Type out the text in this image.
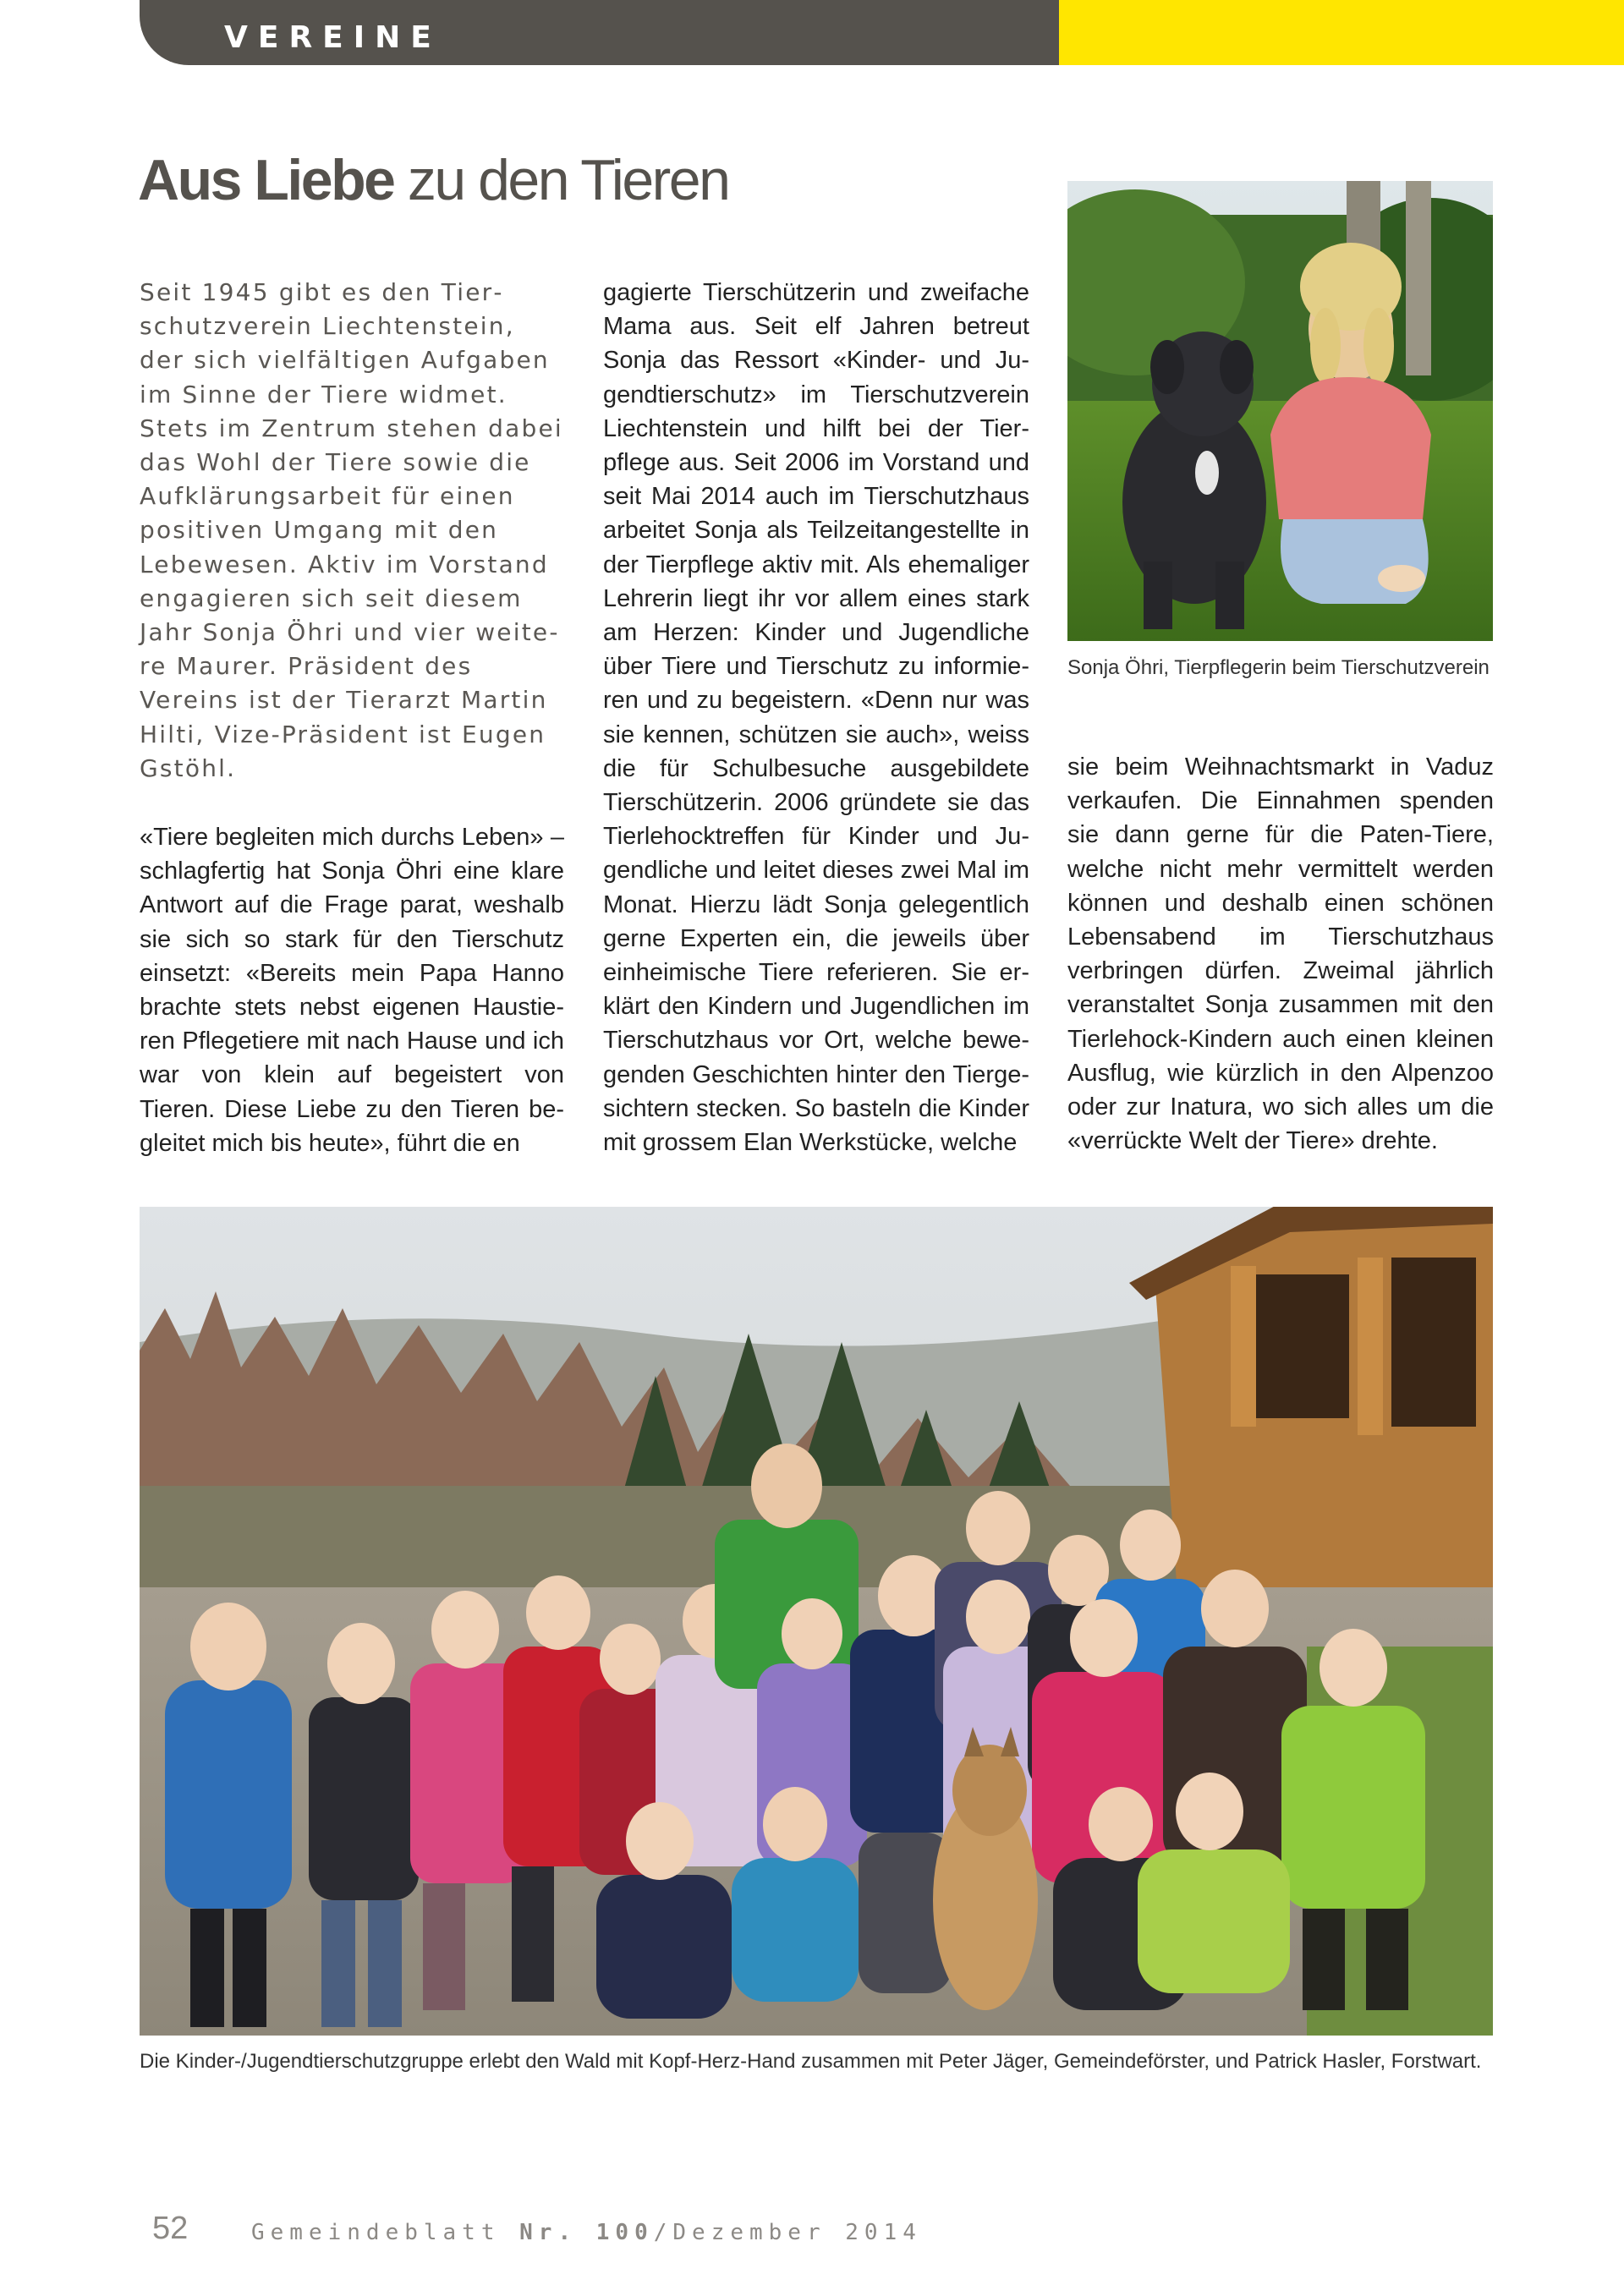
VEREINE
Aus Liebe zu den Tieren

Seit 1945 gibt es den Tierschutzverein Liechtenstein, der sich vielfältigen Aufgaben im Sinne der Tiere widmet. Stets im Zentrum stehen dabei das Wohl der Tiere sowie die Aufklärungsarbeit für einen positiven Umgang mit den Lebewesen. Aktiv im Vorstand engagieren sich seit diesem Jahr Sonja Öhri und vier weitere Maurer. Präsident des Vereins ist der Tierarzt Martin Hilti, Vize-Präsident ist Eugen Gstöhl.

«Tiere begleiten mich durchs Leben» – schlagfertig hat Sonja Öhri eine klare Antwort auf die Frage parat, weshalb sie sich so stark für den Tierschutz einsetzt: «Bereits mein Papa Hanno brachte stets nebst eigenen Haustieren Pflegetiere mit nach Hause und ich war von klein auf begeistert von Tieren. Diese Liebe zu den Tieren begleitet mich bis heute», führt die en

gagierte Tierschützerin und zweifache Mama aus. Seit elf Jahren betreut Sonja das Ressort «Kinder- und Jugendtierschutz» im Tierschutzverein Liechtenstein und hilft bei der Tierpflege aus. Seit 2006 im Vorstand und seit Mai 2014 auch im Tierschutzhaus arbeitet Sonja als Teilzeitangestellte in der Tierpflege aktiv mit. Als ehemaliger Lehrerin liegt ihr vor allem eines stark am Herzen: Kinder und Jugendliche über Tiere und Tierschutz zu informieren und zu begeistern. «Denn nur was sie kennen, schützen sie auch», weiss die für Schulbesuche ausgebildete Tierschützerin. 2006 gründete sie das Tierlehocktreffen für Kinder und Jugendliche und leitet dieses zwei Mal im Monat. Hierzu lädt Sonja gelegentlich gerne Experten ein, die jeweils über einheimische Tiere referieren. Sie erklärt den Kindern und Jugendlichen im Tierschutzhaus vor Ort, welche bewegenden Geschichten hinter den Tiergesichtern stecken. So basteln die Kinder mit grossem Elan Werkstücke, welche

Sonja Öhri, Tierpflegerin beim Tierschutzverein

sie beim Weihnachtsmarkt in Vaduz verkaufen. Die Einnahmen spenden sie dann gerne für die Paten-Tiere, welche nicht mehr vermittelt werden können und deshalb einen schönen Lebensabend im Tierschutzhaus verbringen dürfen. Zweimal jährlich veranstaltet Sonja zusammen mit den Tierlehock-Kindern auch einen kleinen Ausflug, wie kürzlich in den Alpenzoo oder zur Inatura, wo sich alles um die «verrückte Welt der Tiere» drehte.

Die Kinder-/Jugendtierschutzgruppe erlebt den Wald mit Kopf-Herz-Hand zusammen mit Peter Jäger, Gemeindeförster, und Patrick Hasler, Forstwart.
52	Gemeindeblatt Nr. 100/Dezember 2014
